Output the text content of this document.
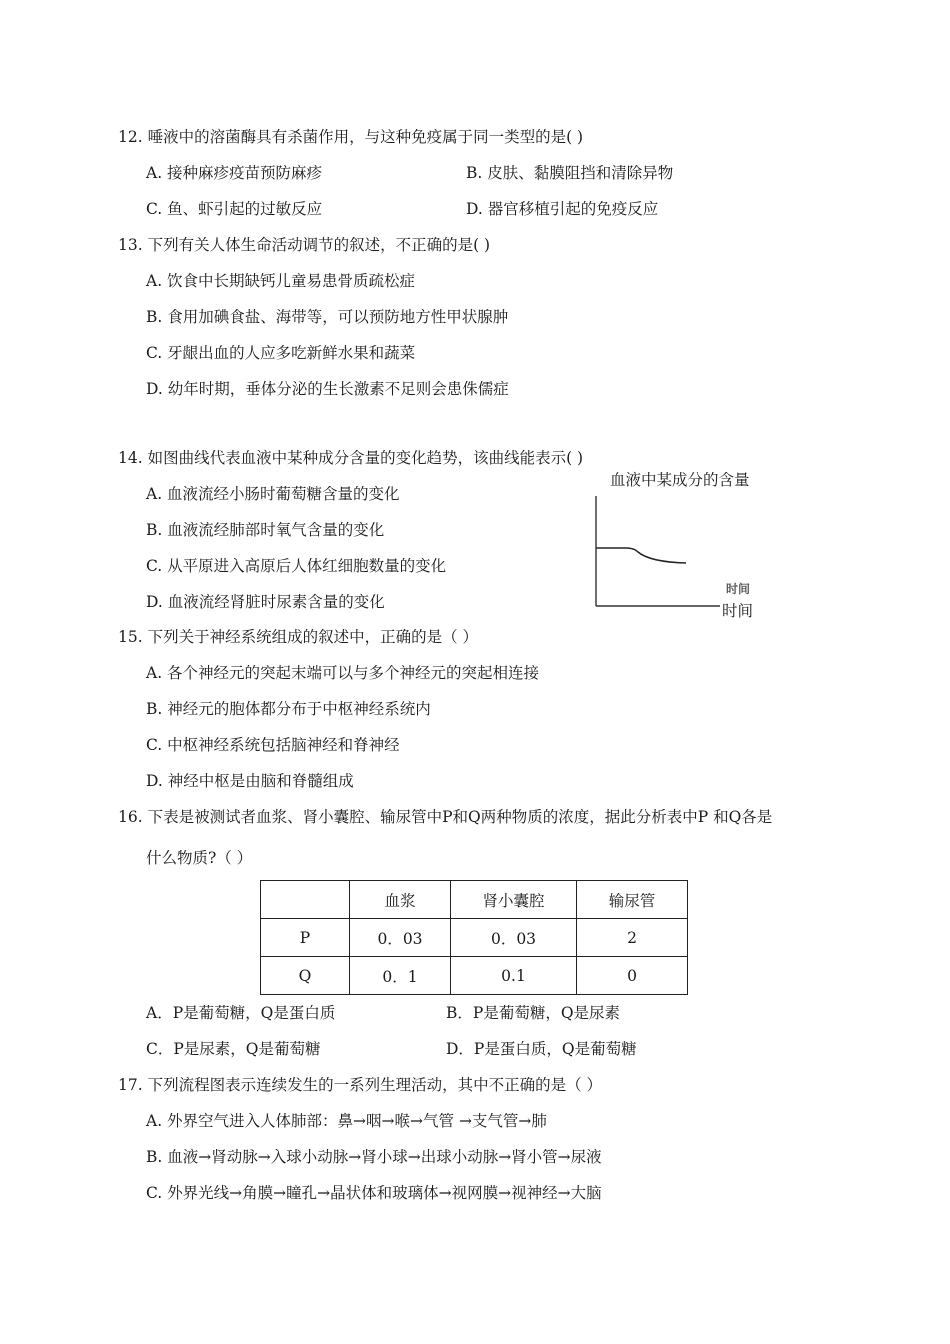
12. 唾液中的溶菌酶具有杀菌作用，与这种免疫属于同一类型的是( )
A. 接种麻疹疫苗预防麻疹	B. 皮肤、黏膜阻挡和清除异物
C. 鱼、虾引起的过敏反应	D. 器官移植引起的免疫反应
13. 下列有关人体生命活动调节的叙述，不正确的是( )
A. 饮食中长期缺钙儿童易患骨质疏松症
B. 食用加碘食盐、海带等，可以预防地方性甲状腺肿
C. 牙龈出血的人应多吃新鲜水果和蔬菜
D. 幼年时期，垂体分泌的生长激素不足则会患侏儒症
14. 如图曲线代表血液中某种成分含量的变化趋势，该曲线能表示( )
A. 血液流经小肠时葡萄糖含量的变化
B. 血液流经肺部时氧气含量的变化
C. 从平原进入高原后人体红细胞数量的变化
D. 血液流经肾脏时尿素含量的变化
血液中某成分的含量
时间
时间
15. 下列关于神经系统组成的叙述中，正确的是（ ）
A. 各个神经元的突起末端可以与多个神经元的突起相连接
B. 神经元的胞体都分布于中枢神经系统内
C. 中枢神经系统包括脑神经和脊神经
D. 神经中枢是由脑和脊髓组成
16. 下表是被测试者血浆、肾小囊腔、输尿管中P和Q两种物质的浓度，据此分析表中P 和Q各是
什么物质?（ ）
	血浆	肾小囊腔	输尿管
P	0．03	0．03	2
Q	0．1	0.1	0
A．P是葡萄糖，Q是蛋白质	B．P是葡萄糖，Q是尿素
C．P是尿素，Q是葡萄糖	D．P是蛋白质，Q是葡萄糖
17. 下列流程图表示连续发生的一系列生理活动，其中不正确的是（ ）
A. 外界空气进入人体肺部：鼻→咽→喉→气管 →支气管→肺
B. 血液→肾动脉→入球小动脉→肾小球→出球小动脉→肾小管→尿液
C. 外界光线→角膜→瞳孔→晶状体和玻璃体→视网膜→视神经→大脑
